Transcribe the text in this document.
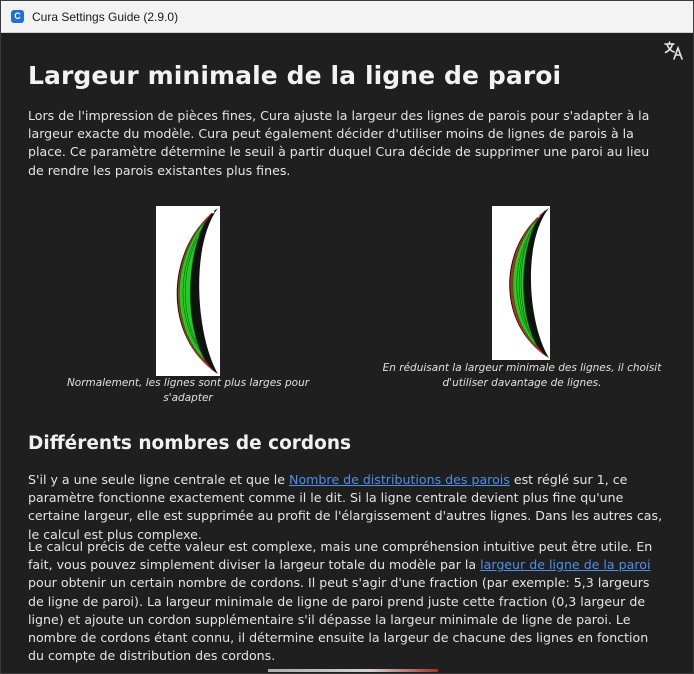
C Cura Settings Guide (2.9.0)
Largeur minimale de la ligne de paroi

Lors de l'impression de pièces fines, Cura ajuste la largeur des lignes de parois pour s'adapter à la largeur exacte du modèle. Cura peut également décider d'utiliser moins de lignes de parois à la place. Ce paramètre détermine le seuil à partir duquel Cura décide de supprimer une paroi au lieu de rendre les parois existantes plus fines.

Normalement, les lignes sont plus larges pour s'adapter
En réduisant la largeur minimale des lignes, il choisit d'utiliser davantage de lignes.
Différents nombres de cordons

S'il y a une seule ligne centrale et que le Nombre de distributions des parois est réglé sur 1, ce paramètre fonctionne exactement comme il le dit. Si la ligne centrale devient plus fine qu'une certaine largeur, elle est supprimée au profit de l'élargissement d'autres lignes. Dans les autres cas, le calcul est plus complexe.

Le calcul précis de cette valeur est complexe, mais une compréhension intuitive peut être utile. En fait, vous pouvez simplement diviser la largeur totale du modèle par la largeur de ligne de la paroi pour obtenir un certain nombre de cordons. Il peut s'agir d'une fraction (par exemple: 5,3 largeurs de ligne de paroi). La largeur minimale de ligne de paroi prend juste cette fraction (0,3 largeur de ligne) et ajoute un cordon supplémentaire s'il dépasse la largeur minimale de ligne de paroi. Le nombre de cordons étant connu, il détermine ensuite la largeur de chacune des lignes en fonction du compte de distribution des cordons.
